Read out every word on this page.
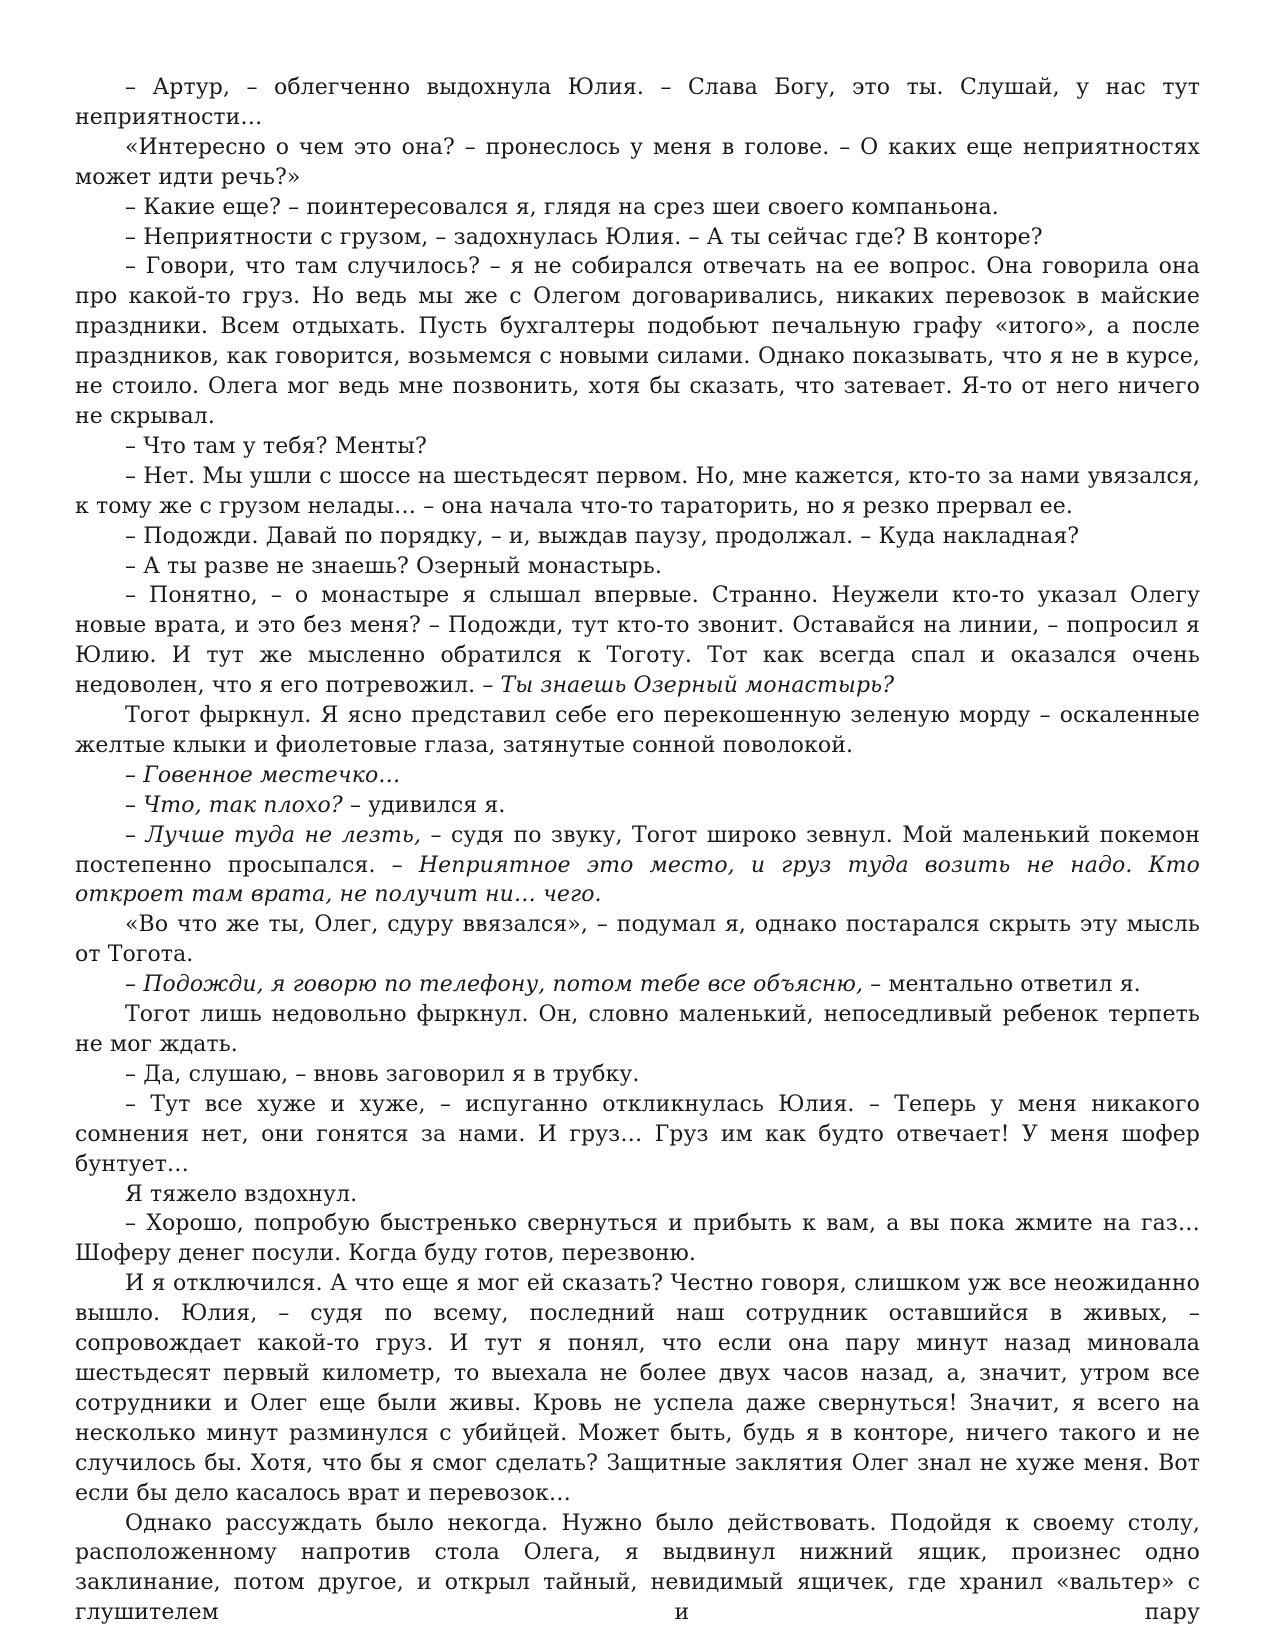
– Артур, – облегченно выдохнула Юлия. – Слава Богу, это ты. Слушай, у нас тут неприятности…

«Интересно о чем это она? – пронеслось у меня в голове. – О каких еще неприятностях может идти речь?»

– Какие еще? – поинтересовался я, глядя на срез шеи своего компаньона.

– Неприятности с грузом, – задохнулась Юлия. – А ты сейчас где? В конторе?

– Говори, что там случилось? – я не собирался отвечать на ее вопрос. Она говорила она про какой-то груз. Но ведь мы же с Олегом договаривались, никаких перевозок в майские праздники. Всем отдыхать. Пусть бухгалтеры подобьют печальную графу «итого», а после праздников, как говорится, возьмемся с новыми силами. Однако показывать, что я не в курсе, не стоило. Олега мог ведь мне позвонить, хотя бы сказать, что затевает. Я-то от него ничего не скрывал.

– Что там у тебя? Менты?

– Нет. Мы ушли с шоссе на шестьдесят первом. Но, мне кажется, кто-то за нами увязался, к тому же с грузом нелады… – она начала что-то тараторить, но я резко прервал ее.

– Подожди. Давай по порядку, – и, выждав паузу, продолжал. – Куда накладная?

– А ты разве не знаешь? Озерный монастырь.

– Понятно, – о монастыре я слышал впервые. Странно. Неужели кто-то указал Олегу новые врата, и это без меня? – Подожди, тут кто-то звонит. Оставайся на линии, – попросил я Юлию. И тут же мысленно обратился к Тоготу. Тот как всегда спал и оказался очень недоволен, что я его потревожил. – Ты знаешь Озерный монастырь?

Тогот фыркнул. Я ясно представил себе его перекошенную зеленую морду – оскаленные желтые клыки и фиолетовые глаза, затянутые сонной поволокой.

– Говенное местечко…

– Что, так плохо? – удивился я.

– Лучше туда не лезть, – судя по звуку, Тогот широко зевнул. Мой маленький покемон постепенно просыпался. – Неприятное это место, и груз туда возить не надо. Кто откроет там врата, не получит ни… чего.

«Во что же ты, Олег, сдуру ввязался», – подумал я, однако постарался скрыть эту мысль от Тогота.

– Подожди, я говорю по телефону, потом тебе все объясню, – ментально ответил я.

Тогот лишь недовольно фыркнул. Он, словно маленький, непоседливый ребенок терпеть не мог ждать.

– Да, слушаю, – вновь заговорил я в трубку.

– Тут все хуже и хуже, – испуганно откликнулась Юлия. – Теперь у меня никакого сомнения нет, они гонятся за нами. И груз… Груз им как будто отвечает! У меня шофер бунтует…

Я тяжело вздохнул.

– Хорошо, попробую быстренько свернуться и прибыть к вам, а вы пока жмите на газ… Шоферу денег посули. Когда буду готов, перезвоню.

И я отключился. А что еще я мог ей сказать? Честно говоря, слишком уж все неожиданно вышло. Юлия, – судя по всему, последний наш сотрудник оставшийся в живых, – сопровождает какой-то груз. И тут я понял, что если она пару минут назад миновала шестьдесят первый километр, то выехала не более двух часов назад, а, значит, утром все сотрудники и Олег еще были живы. Кровь не успела даже свернуться! Значит, я всего на несколько минут разминулся с убийцей. Может быть, будь я в конторе, ничего такого и не случилось бы. Хотя, что бы я смог сделать? Защитные заклятия Олег знал не хуже меня. Вот если бы дело касалось врат и перевозок…

Однако рассуждать было некогда. Нужно было действовать. Подойдя к своему столу, расположенному напротив стола Олега, я выдвинул нижний ящик, произнес одно заклинание, потом другое, и открыл тайный, невидимый ящичек, где хранил «вальтер» с глушителем и пару
